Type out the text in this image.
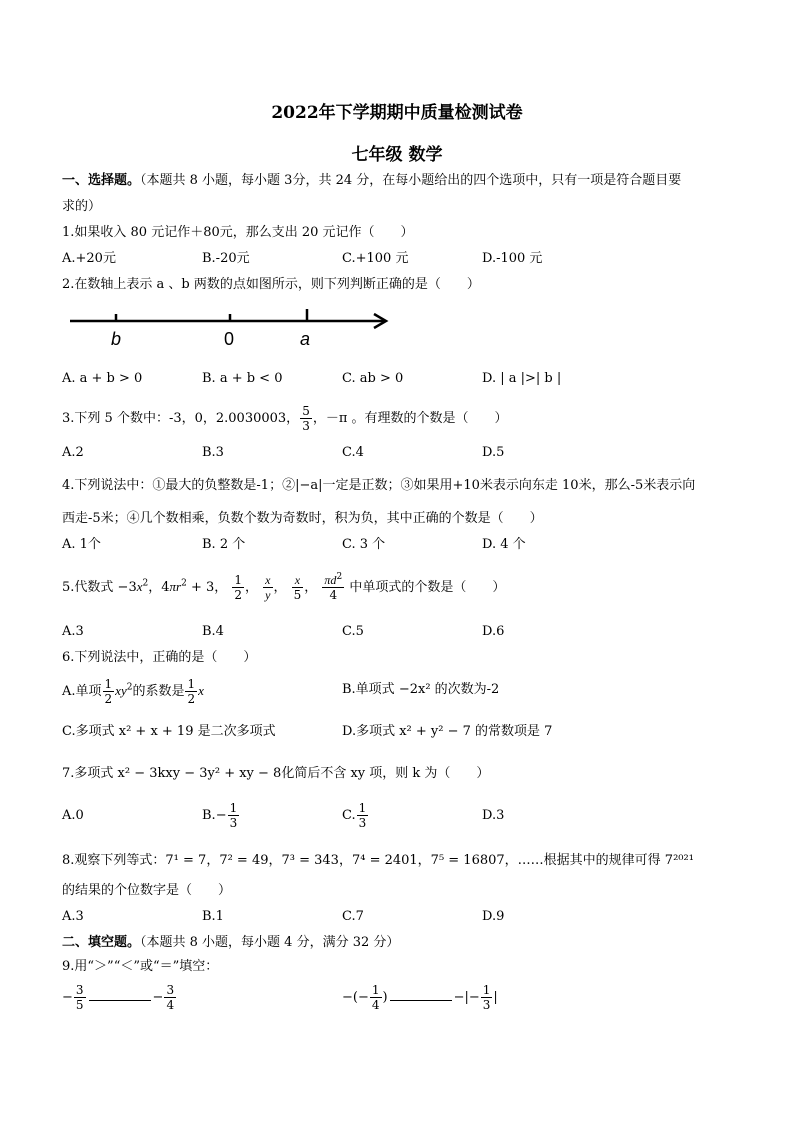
2022年下学期期中质量检测试卷
七年级 数学
一、选择题。（本题共 8 小题，每小题 3分，共 24 分，在每小题给出的四个选项中，只有一项是符合题目要
求的）
1.如果收入 80 元记作＋80元，那么支出 20 元记作（　　）
A.+20元	B.-20元	C.+100 元	D.-100 元
2.在数轴上表示 a 、b 两数的点如图所示，则下列判断正确的是（　　）
b	0	a
A. a + b > 0	B. a + b < 0	C. ab > 0	D. | a |>| b |
3.下列 5 个数中：-3，0，2.0030003， $\frac{5}{3}$ ，－π 。有理数的个数是（　　）
A.2	B.3	C.4	D.5
4.下列说法中：①最大的负整数是-1；②|−a|一定是正数；③如果用+10米表示向东走 10米，那么-5米表示向
西走-5米；④几个数相乘，负数个数为奇数时，积为负，其中正确的个数是（　　）
A. 1个	B. 2 个	C. 3 个	D. 4 个
5.代数式 $-3x^2$，$4\pi r^2 + 3$， $\frac{1}{2}$ ， $\frac{x}{y}$ ， $\frac{x}{5}$ ， $\frac{\pi d^2}{4}$ 中单项式的个数是（　　）
A.3	B.4	C.5	D.6
6.下列说法中，正确的是（　　）
A.单项 $\frac{1}{2} xy^2$的系数是 $\frac{1}{2}$ x	B.单项式 −2x² 的次数为-2
C.多项式 x² + x + 19 是二次多项式	D.多项式 x² + y² − 7 的常数项是 7
7.多项式 x² − 3kxy − 3y² + xy − 8化简后不含 xy 项，则 k 为（　　）
A.0	$B.- \frac{1}{3}$	C. $\frac{1}{3}$	D.3
8.观察下列等式：7¹ = 7，7² = 49，7³ = 343，7⁴ = 2401，7⁵ = 16807，……根据其中的规律可得 7²⁰²¹
的结果的个位数字是（　　）
A.3	B.1	C.7	D.9
二、填空题。（本题共 8 小题，每小题 4 分，满分 32 分）
9.用“＞”“＜”或“＝”填空：
− $\frac{3}{5}$	− $\frac{3}{4}$	−(− $\frac{1}{4}$ )	−|− $\frac{1}{3}$ |
